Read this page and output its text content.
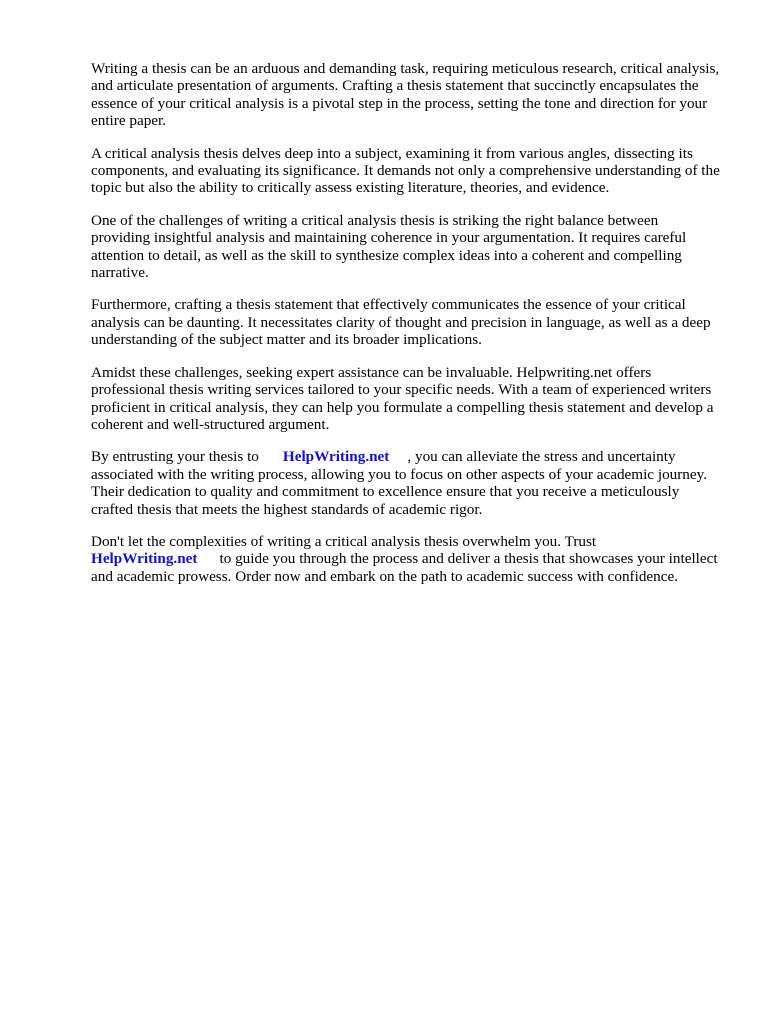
Writing a thesis can be an arduous and demanding task, requiring meticulous research, critical analysis, and articulate presentation of arguments. Crafting a thesis statement that succinctly encapsulates the essence of your critical analysis is a pivotal step in the process, setting the tone and direction for your entire paper.

A critical analysis thesis delves deep into a subject, examining it from various angles, dissecting its components, and evaluating its significance. It demands not only a comprehensive understanding of the topic but also the ability to critically assess existing literature, theories, and evidence.

One of the challenges of writing a critical analysis thesis is striking the right balance between providing insightful analysis and maintaining coherence in your argumentation. It requires careful attention to detail, as well as the skill to synthesize complex ideas into a coherent and compelling narrative.

Furthermore, crafting a thesis statement that effectively communicates the essence of your critical analysis can be daunting. It necessitates clarity of thought and precision in language, as well as a deep understanding of the subject matter and its broader implications.

Amidst these challenges, seeking expert assistance can be invaluable. Helpwriting.net offers professional thesis writing services tailored to your specific needs. With a team of experienced writers proficient in critical analysis, they can help you formulate a compelling thesis statement and develop a coherent and well-structured argument.

By entrusting your thesis to HelpWriting.net , you can alleviate the stress and uncertainty associated with the writing process, allowing you to focus on other aspects of your academic journey. Their dedication to quality and commitment to excellence ensure that you receive a meticulously crafted thesis that meets the highest standards of academic rigor.

Don't let the complexities of writing a critical analysis thesis overwhelm you. Trust HelpWriting.net to guide you through the process and deliver a thesis that showcases your intellect and academic prowess. Order now and embark on the path to academic success with confidence.
